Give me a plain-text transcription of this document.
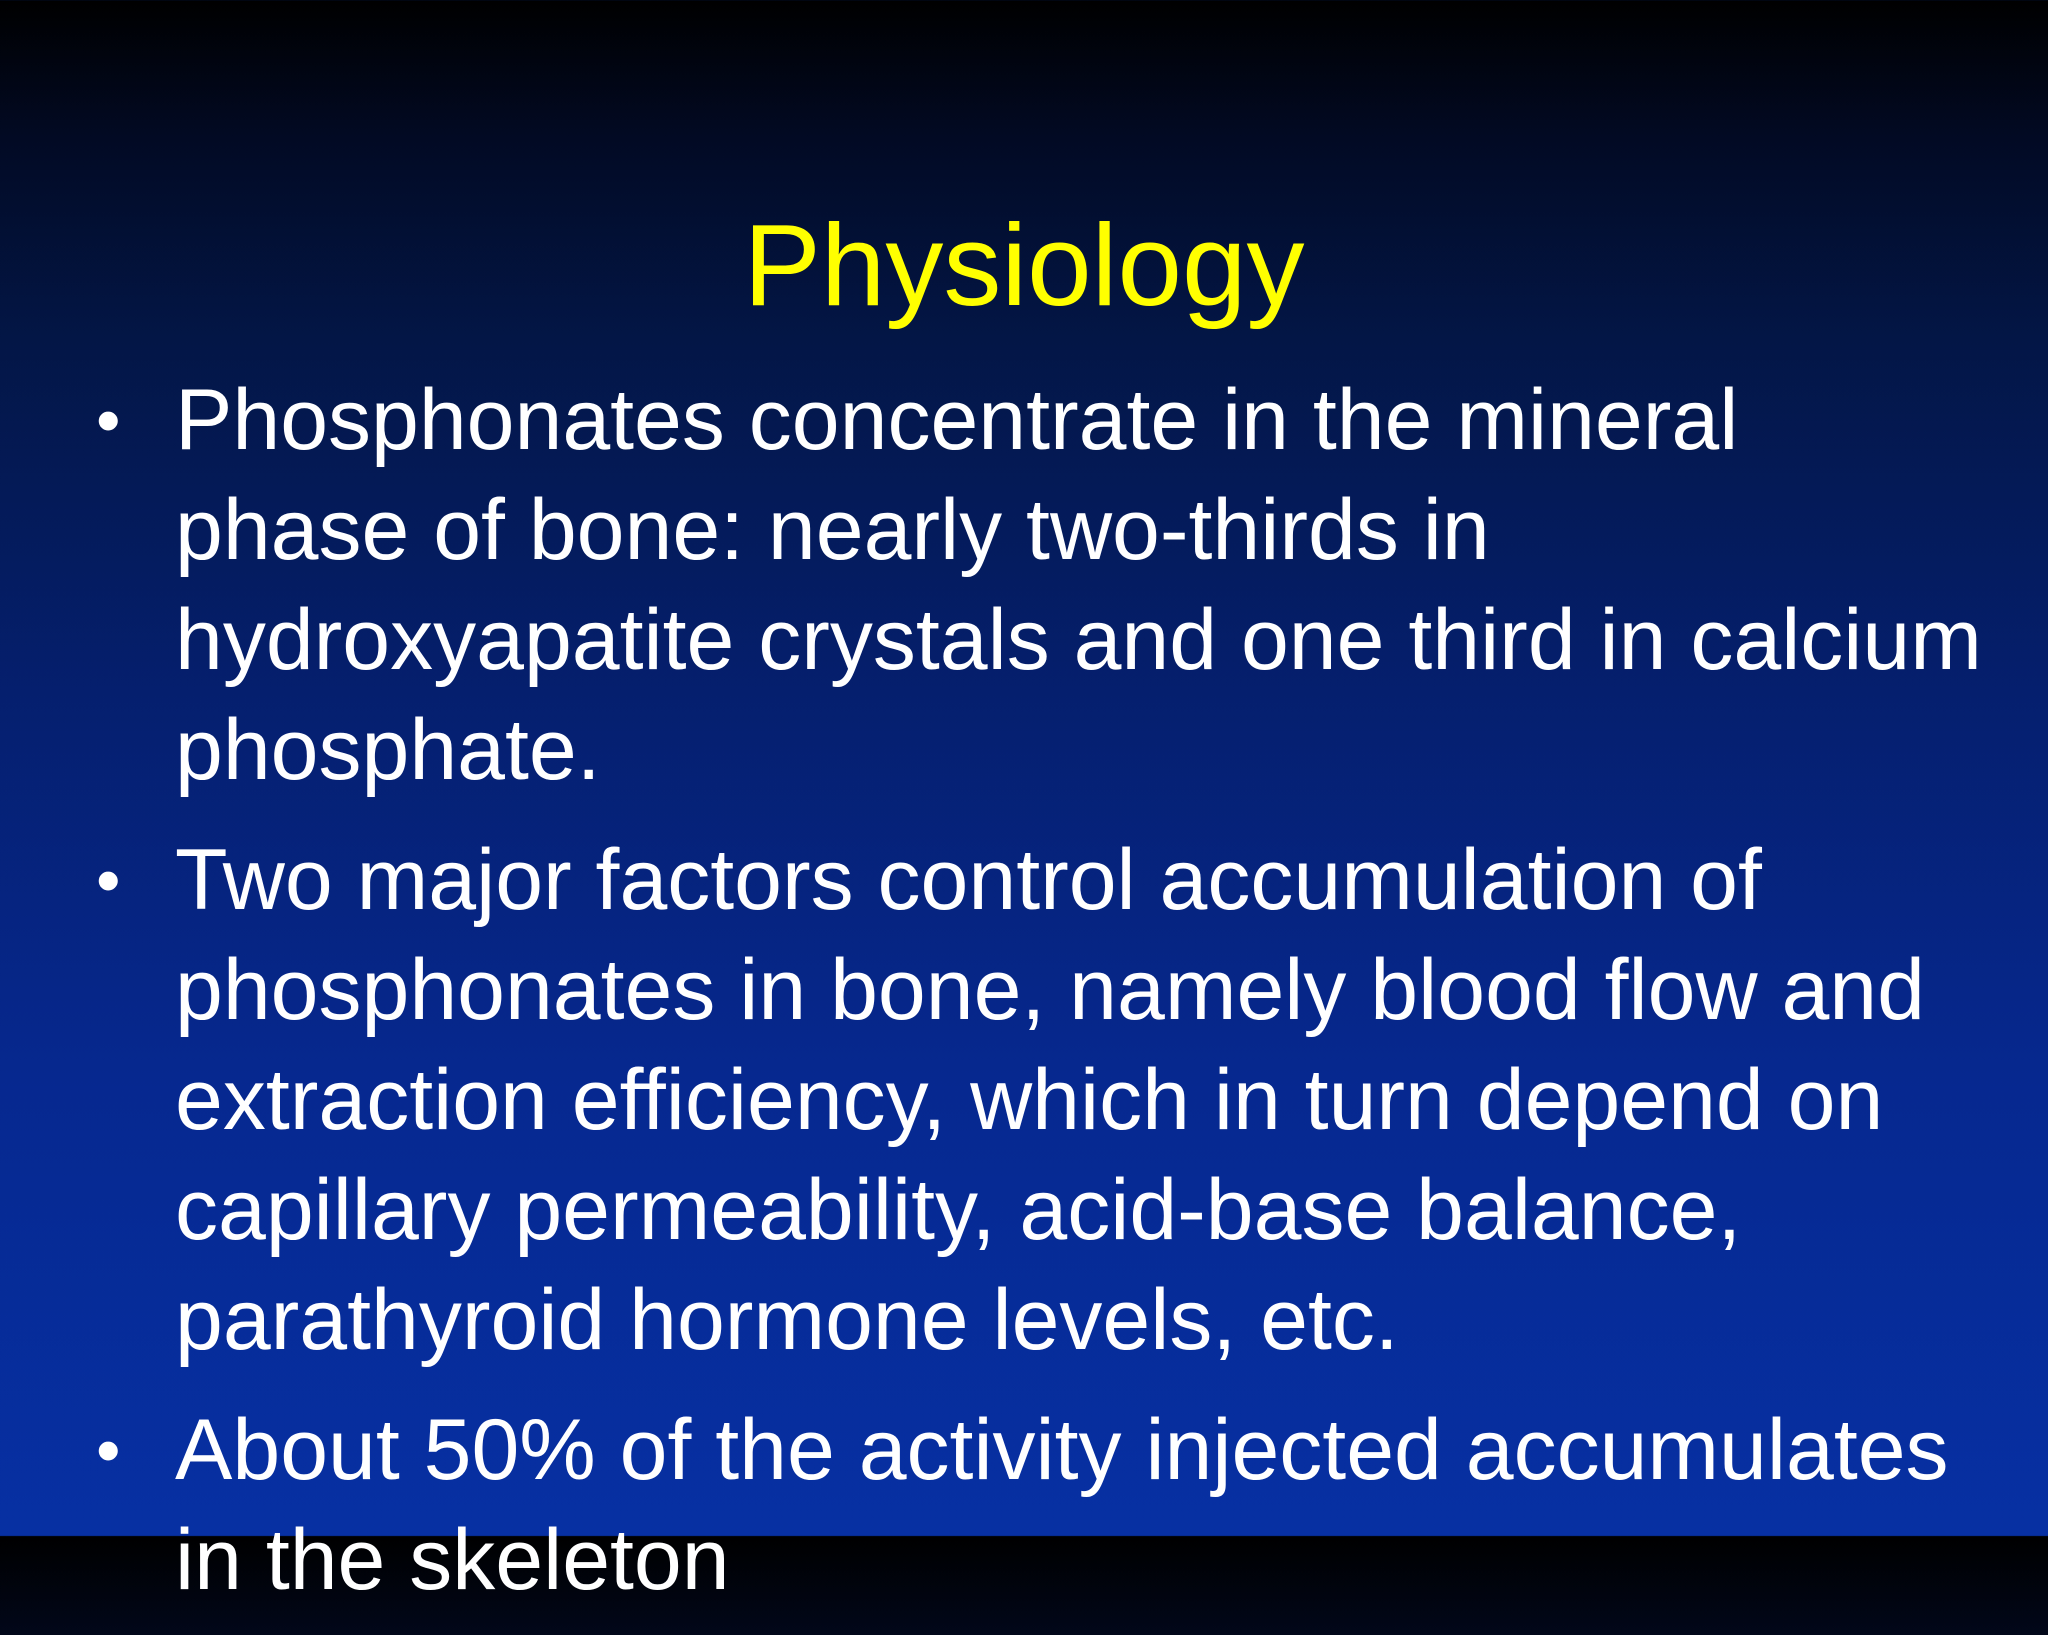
Physiology
• Phosphonates concentrate in the mineral phase of bone: nearly two-thirds in hydroxyapatite crystals and one third in calcium phosphate.
• Two major factors control accumulation of phosphonates in bone, namely blood flow and extraction efficiency, which in turn depend on capillary permeability, acid-base balance, parathyroid hormone levels, etc.
• About 50% of the activity injected accumulates in the skeleton
